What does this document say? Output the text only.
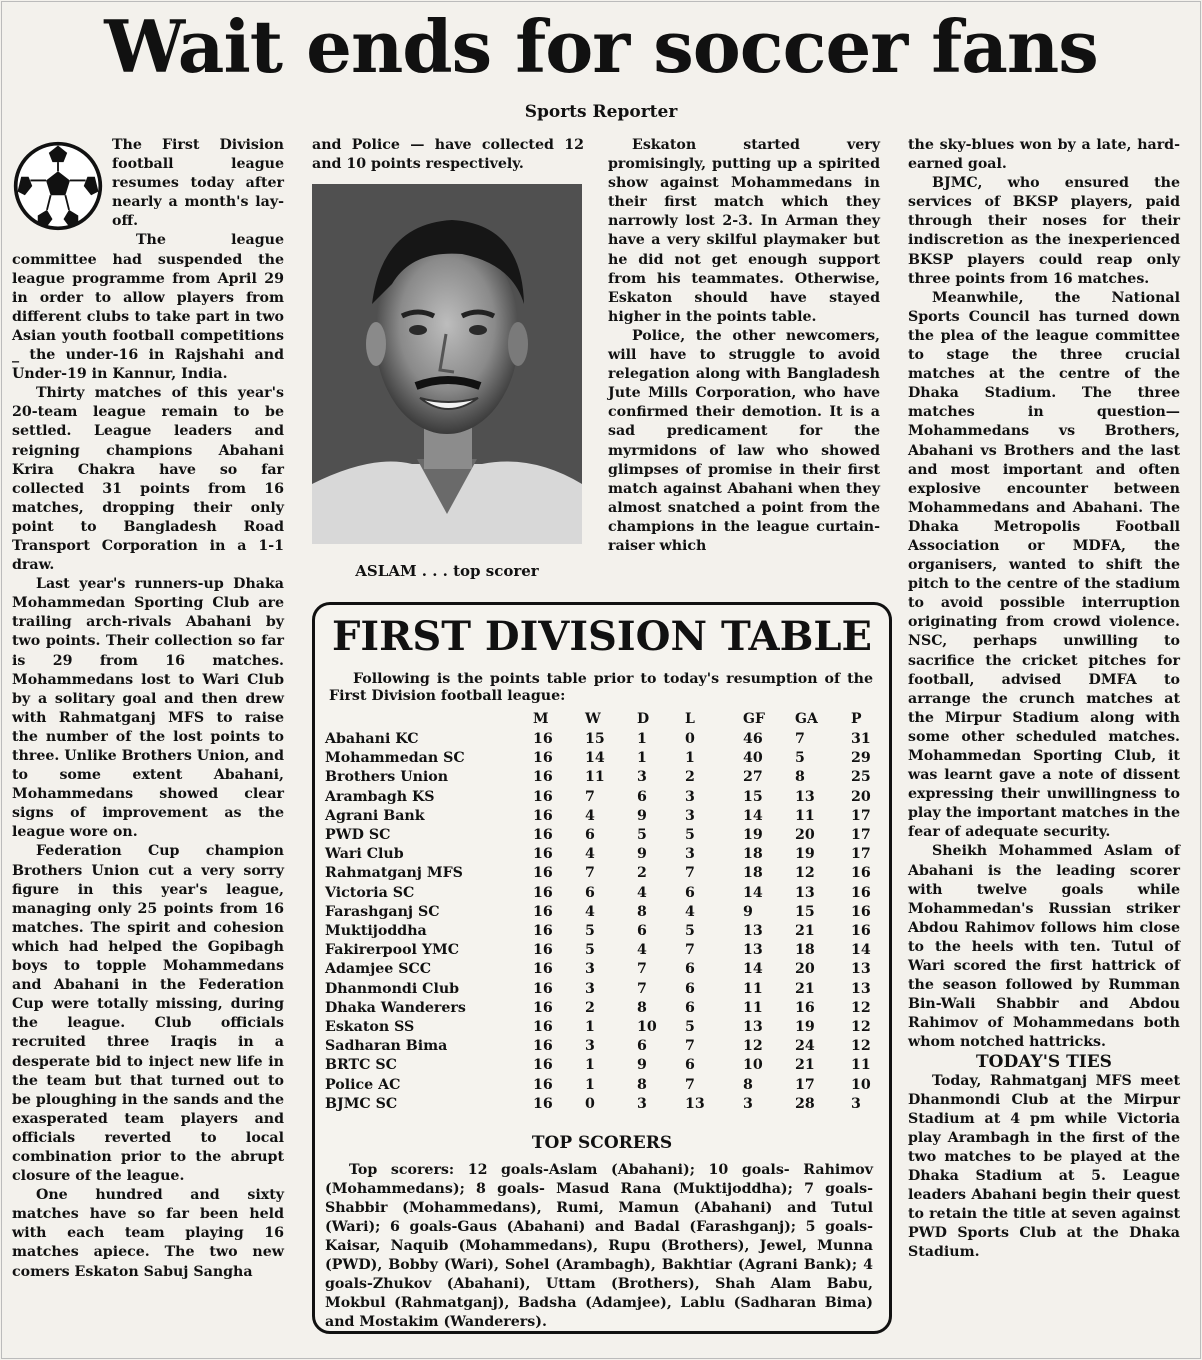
Wait ends for soccer fans
Sports Reporter

The First Division football league resumes today after nearly a month's lay-off.

The league committee had suspended the league programme from April 29 in order to allow players from different clubs to take part in two Asian youth football competitions _ the under-16 in Rajshahi and Under-19 in Kannur, India.

Thirty matches of this year's 20-team league remain to be settled. League leaders and reigning champions Abahani Krira Chakra have so far collected 31 points from 16 matches, dropping their only point to Bangladesh Road Transport Corporation in a 1-1 draw.

Last year's runners-up Dhaka Mohammedan Sporting Club are trailing arch-rivals Abahani by two points. Their collection so far is 29 from 16 matches. Mohammedans lost to Wari Club by a solitary goal and then drew with Rahmatganj MFS to raise the number of the lost points to three. Unlike Brothers Union, and to some extent Abahani, Mohammedans showed clear signs of improvement as the league wore on.

Federation Cup champion Brothers Union cut a very sorry figure in this year's league, managing only 25 points from 16 matches. The spirit and cohesion which had helped the Gopibagh boys to topple Mohammedans and Abahani in the Federation Cup were totally missing, during the league. Club officials recruited three Iraqis in a desperate bid to inject new life in the team but that turned out to be ploughing in the sands and the exasperated team players and officials reverted to local combination prior to the abrupt closure of the league.

One hundred and sixty matches have so far been held with each team playing 16 matches apiece. The two new comers Eskaton Sabuj Sangha

and Police — have collected 12 and 10 points respectively.

ASLAM . . . top scorer

Eskaton started very promisingly, putting up a spirited show against Mohammedans in their first match which they narrowly lost 2-3. In Arman they have a very skilful playmaker but he did not get enough support from his teammates. Otherwise, Eskaton should have stayed higher in the points table.

Police, the other newcomers, will have to struggle to avoid relegation along with Bangladesh Jute Mills Corporation, who have confirmed their demotion. It is a sad predicament for the myrmidons of law who showed glimpses of promise in their first match against Abahani when they almost snatched a point from the champions in the league curtain-raiser which

the sky-blues won by a late, hard-earned goal.

BJMC, who ensured the services of BKSP players, paid through their noses for their indiscretion as the inexperienced BKSP players could reap only three points from 16 matches.

Meanwhile, the National Sports Council has turned down the plea of the league committee to stage the three crucial matches at the centre of the Dhaka Stadium. The three matches in question—Mohammedans vs Brothers, Abahani vs Brothers and the last and most important and often explosive encounter between Mohammedans and Abahani. The Dhaka Metropolis Football Association or MDFA, the organisers, wanted to shift the pitch to the centre of the stadium to avoid possible interruption originating from crowd violence. NSC, perhaps unwilling to sacrifice the cricket pitches for football, advised DMFA to arrange the crunch matches at the Mirpur Stadium along with some other scheduled matches. Mohammedan Sporting Club, it was learnt gave a note of dissent expressing their unwillingness to play the important matches in the fear of adequate security.

Sheikh Mohammed Aslam of Abahani is the leading scorer with twelve goals while Mohammedan's Russian striker Abdou Rahimov follows him close to the heels with ten. Tutul of Wari scored the first hattrick of the season followed by Rumman Bin-Wali Shabbir and Abdou Rahimov of Mohammedans both whom notched hattricks.

TODAY'S TIES

Today, Rahmatganj MFS meet Dhanmondi Club at the Mirpur Stadium at 4 pm while Victoria play Arambagh in the first of the two matches to be played at the Dhaka Stadium at 5. League leaders Abahani begin their quest to retain the title at seven against PWD Sports Club at the Dhaka Stadium.

FIRST DIVISION TABLE
Following is the points table prior to today's resumption of the First Division football league:
M	W	D	L	GF GA P
Abahani KC	16 15 1	0	46 7	31
Mohammedan SC	16 14 1	1	40 5	29
Brothers Union	16 11 3	2	27 8	25
Arambagh KS	16 7	6	3	15 13	20
Agrani Bank	16 4	9	3	14 11	17
PWD SC	16 6	5	5	19 20	17
Wari Club	16 4	9	3	18 19	17
Rahmatganj MFS	16 7	2	7	18 12	16
Victoria SC	16 6	4	6	14 13	16
Farashganj SC	16 4	8	4	9	15	16
Muktijoddha	16 5	6	5	13 21	16
Fakirerpool YMC	16 5	4	7	13 18	14
Adamjee SCC	16 3	7	6	14 20	13
Dhanmondi Club	16 3	7	6	11 21	13
Dhaka Wanderers	16 2	8	6	11 16	12
Eskaton SS	16 1	10 5	13 19	12
Sadharan Bima	16 3	6	7	12 24	12
BRTC SC	16 1	9	6	10 21	11
Police AC	16 1	8	7	8	17	10
BJMC SC	16 0	3	13	3	28	3
TOP SCORERS
Top scorers: 12 goals-Aslam (Abahani); 10 goals- Rahimov (Mohammedans); 8 goals- Masud Rana (Muktijoddha); 7 goals- Shabbir (Mohammedans), Rumi, Mamun (Abahani) and Tutul (Wari); 6 goals-Gaus (Abahani) and Badal (Farashganj); 5 goals-Kaisar, Naquib (Mohammedans), Rupu (Brothers), Jewel, Munna (PWD), Bobby (Wari), Sohel (Arambagh), Bakhtiar (Agrani Bank); 4 goals-Zhukov (Abahani), Uttam (Brothers), Shah Alam Babu, Mokbul (Rahmatganj), Badsha (Adamjee), Lablu (Sadharan Bima) and Mostakim (Wanderers).
